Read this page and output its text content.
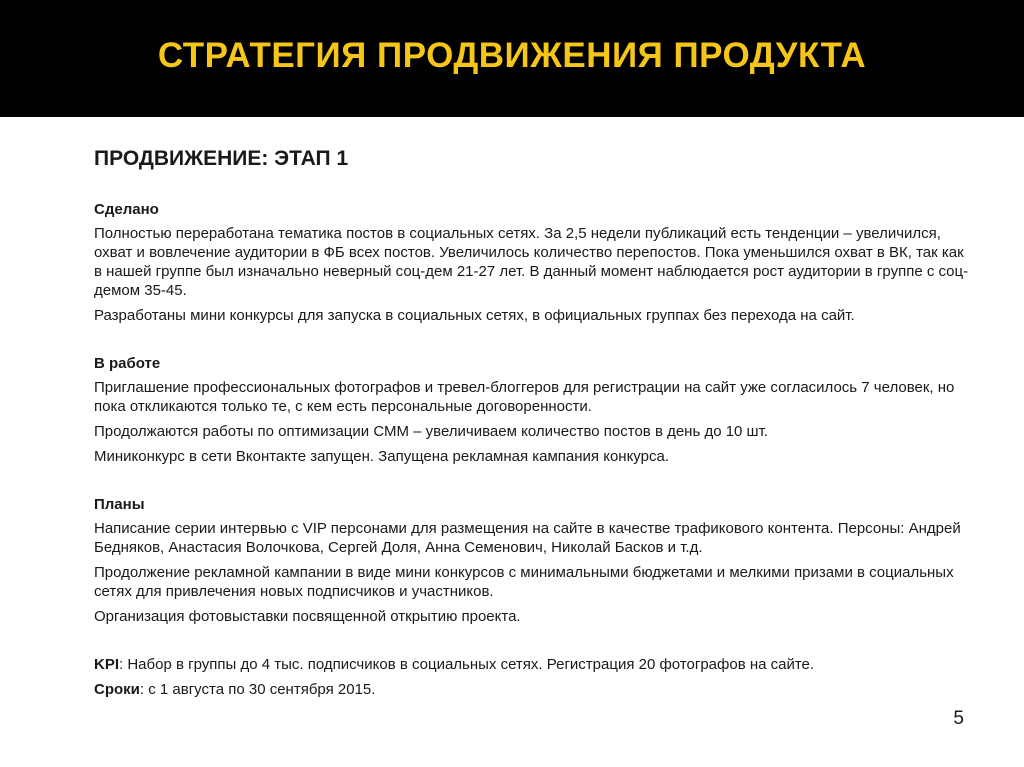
СТРАТЕГИЯ ПРОДВИЖЕНИЯ ПРОДУКТА
ПРОДВИЖЕНИЕ: ЭТАП 1
Сделано
Полностью переработана тематика постов в социальных сетях. За 2,5 недели публикаций есть тенденции – увеличился, охват и вовлечение аудитории в ФБ всех постов. Увеличилось количество перепостов. Пока уменьшился охват в ВК, так как в нашей группе был изначально неверный соц-дем 21-27 лет. В данный момент наблюдается рост аудитории в группе с соц-демом 35-45.
Разработаны мини конкурсы для запуска в социальных сетях, в официальных группах без перехода на сайт.
В работе
Приглашение профессиональных фотографов и тревел-блоггеров для регистрации на сайт уже согласилось 7 человек, но пока откликаются только те, с кем есть персональные договоренности.
Продолжаются работы по оптимизации СММ – увеличиваем количество постов в день до 10 шт.
Миниконкурс в сети Вконтакте запущен. Запущена рекламная кампания конкурса.
Планы
Написание серии интервью с VIP персонами для размещения на сайте в качестве трафикового контента. Персоны: Андрей Бедняков, Анастасия Волочкова, Сергей Доля, Анна Семенович, Николай Басков и т.д.
Продолжение рекламной кампании в виде мини конкурсов с минимальными бюджетами и мелкими призами в социальных сетях для привлечения новых подписчиков и участников.
Организация фотовыставки посвященной открытию проекта.
KPI: Набор в группы до 4 тыс. подписчиков в социальных сетях. Регистрация 20 фотографов на сайте.
Сроки: с 1 августа по 30 сентября 2015.
5
